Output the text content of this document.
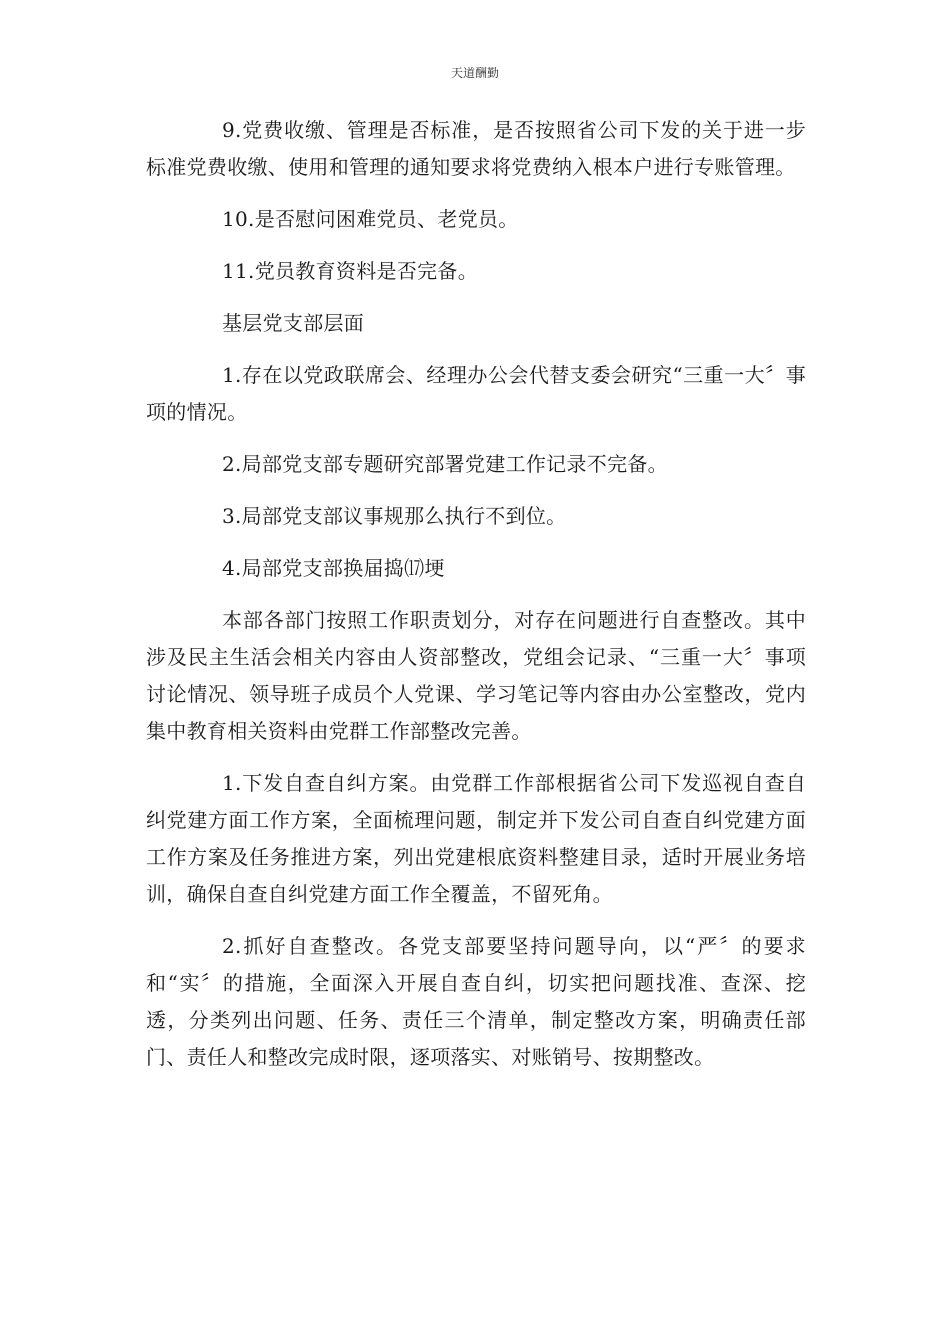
天道酬勤

9.党费收缴、管理是否标准，是否按照省公司下发的关于进一步标准党费收缴、使用和管理的通知要求将党费纳入根本户进行专账管理。

10.是否慰问困难党员、老党员。

11.党员教育资料是否完备。

基层党支部层面

1.存在以党政联席会、经理办公会代替支委会研究“三重一大〞事项的情况。

2.局部党支部专题研究部署党建工作记录不完备。

3.局部党支部议事规那么执行不到位。

4.局部党支部换届捣⒄埂

本部各部门按照工作职责划分，对存在问题进行自查整改。其中涉及民主生活会相关内容由人资部整改，党组会记录、“三重一大〞事项讨论情况、领导班子成员个人党课、学习笔记等内容由办公室整改，党内集中教育相关资料由党群工作部整改完善。

1.下发自查自纠方案。由党群工作部根据省公司下发巡视自查自纠党建方面工作方案，全面梳理问题，制定并下发公司自查自纠党建方面工作方案及任务推进方案，列出党建根底资料整建目录，适时开展业务培训，确保自查自纠党建方面工作全覆盖，不留死角。

2.抓好自查整改。各党支部要坚持问题导向，以“严〞的要求和“实〞的措施，全面深入开展自查自纠，切实把问题找准、查深、挖透，分类列出问题、任务、责任三个清单，制定整改方案，明确责任部门、责任人和整改完成时限，逐项落实、对账销号、按期整改。
